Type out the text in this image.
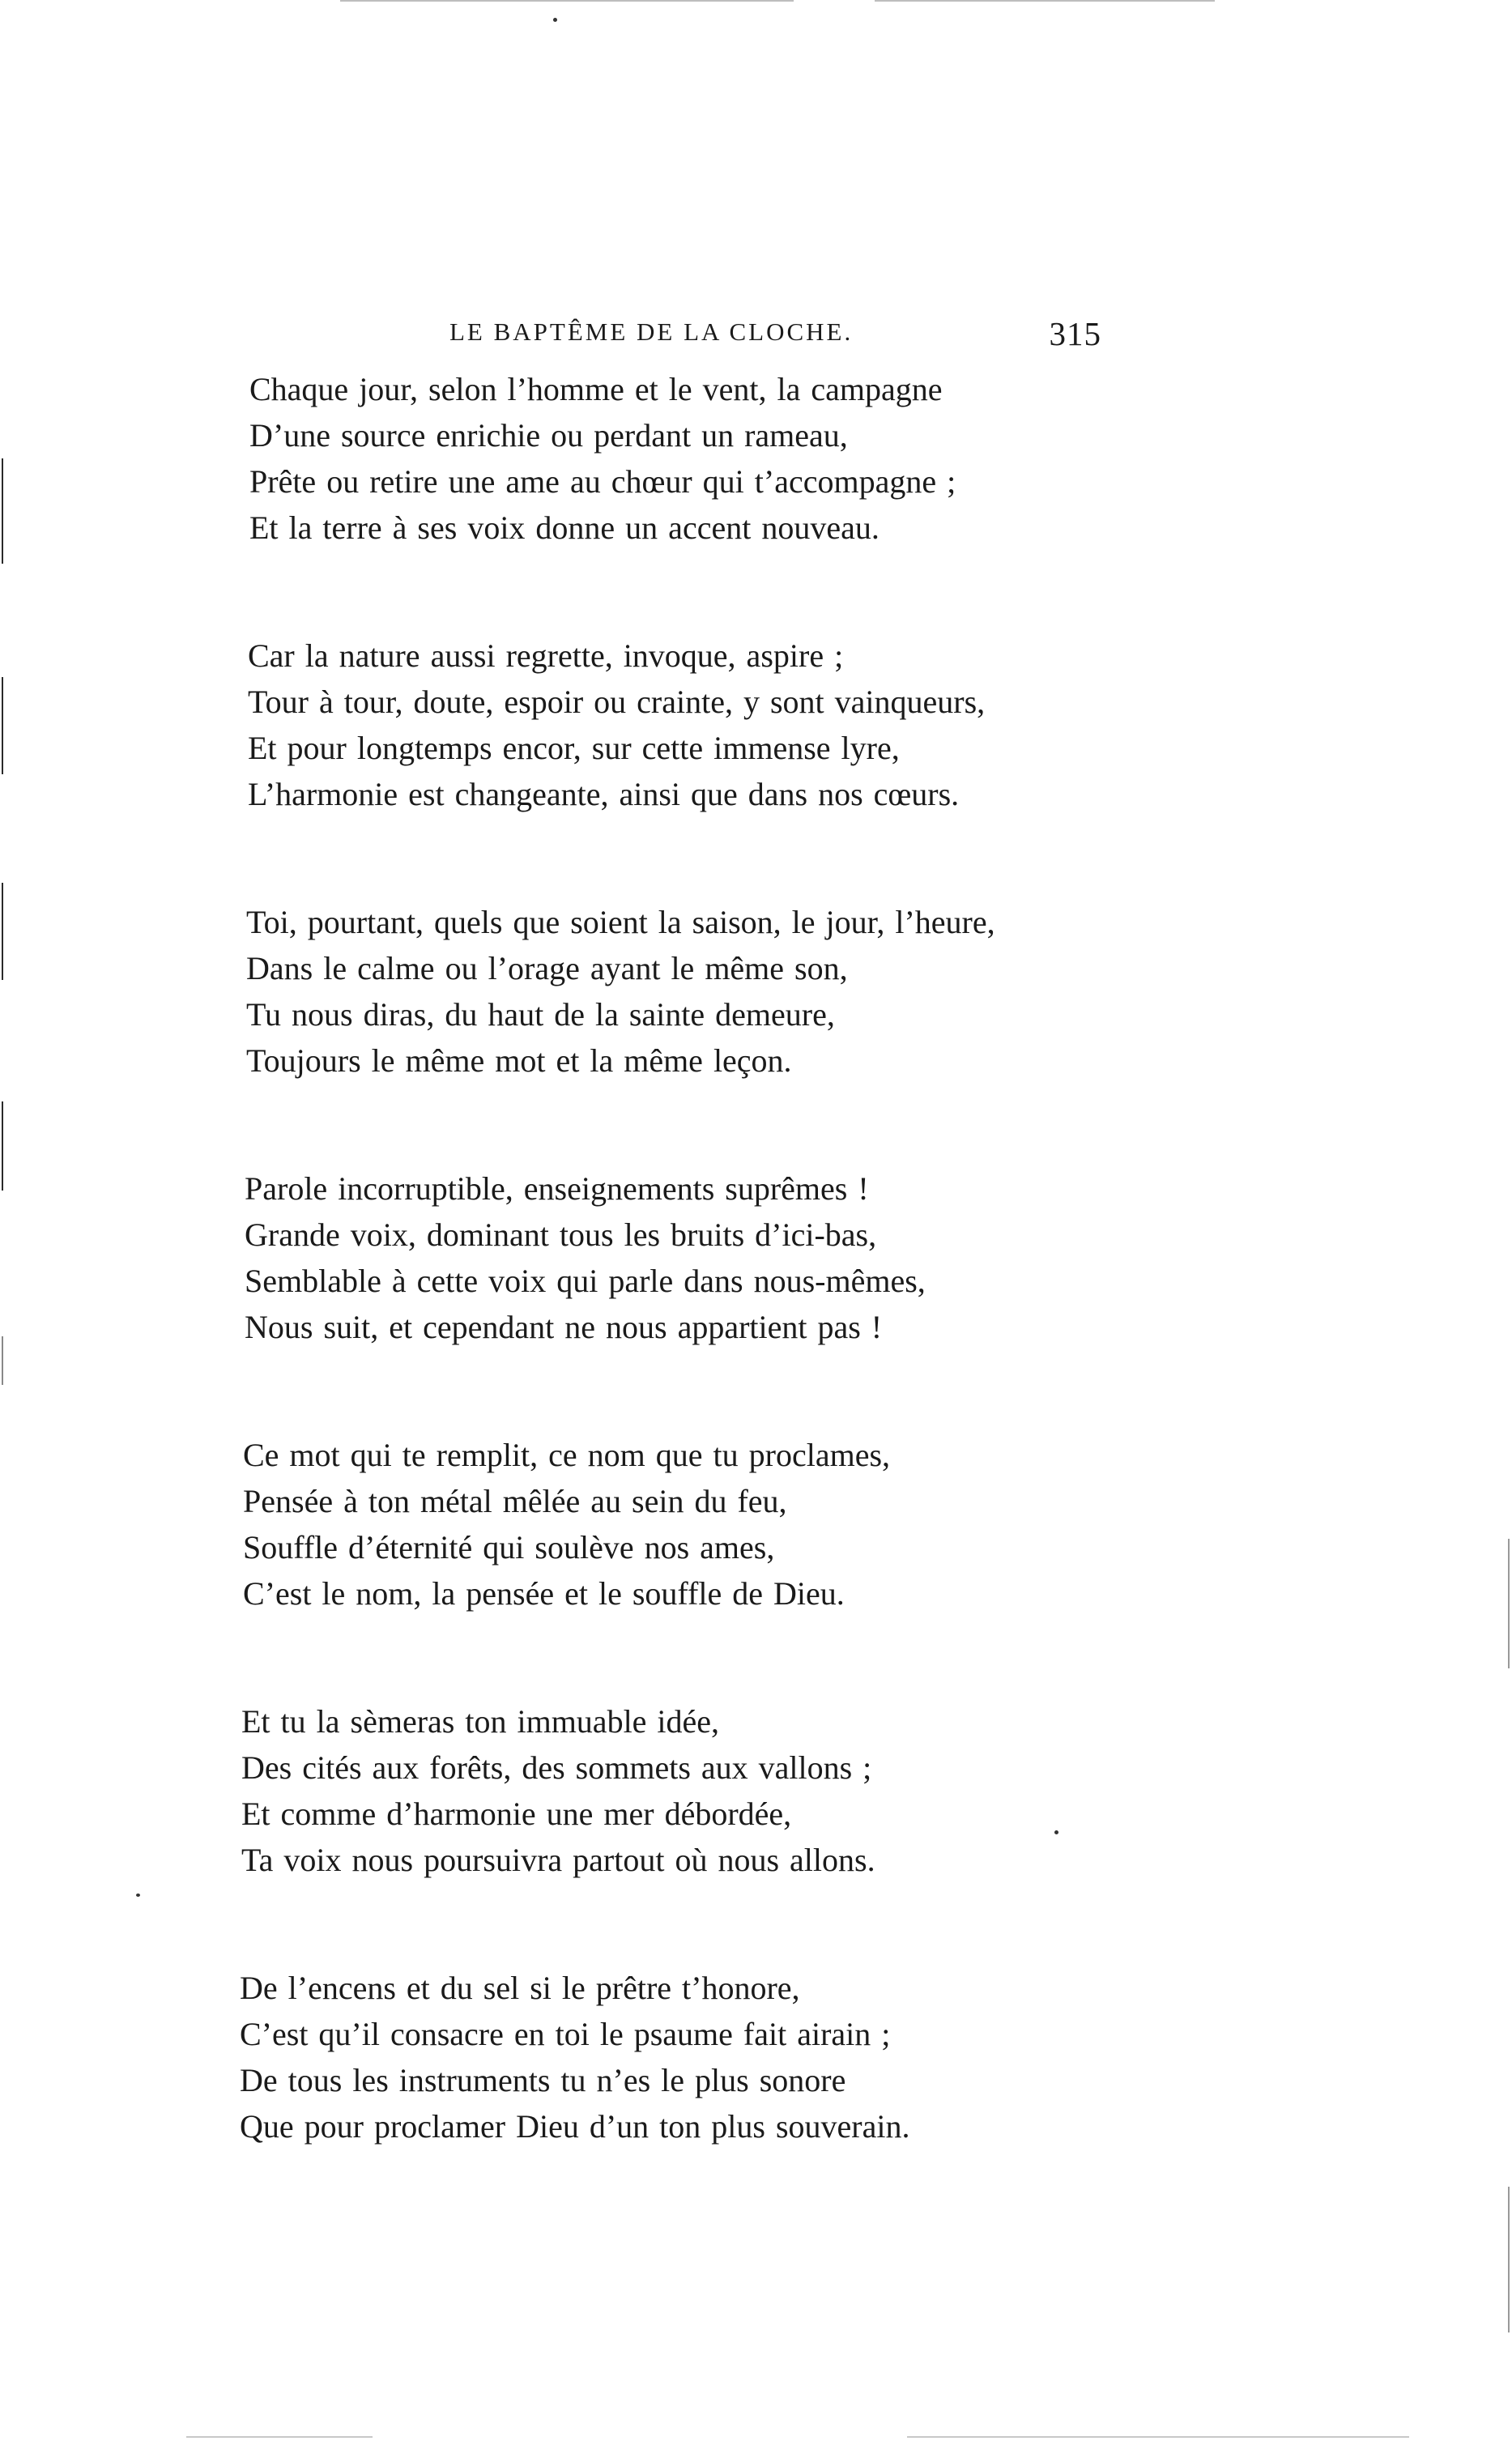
LE BAPTÊME DE LA CLOCHE.	315
Chaque jour, selon l’homme et le vent, la campagne
D’une source enrichie ou perdant un rameau,
Prête ou retire une ame au chœur qui t’accompagne ;
Et la terre à ses voix donne un accent nouveau.
Car la nature aussi regrette, invoque, aspire ;
Tour à tour, doute, espoir ou crainte, y sont vainqueurs,
Et pour longtemps encor, sur cette immense lyre,
L’harmonie est changeante, ainsi que dans nos cœurs.
Toi, pourtant, quels que soient la saison, le jour, l’heure,
Dans le calme ou l’orage ayant le même son,
Tu nous diras, du haut de la sainte demeure,
Toujours le même mot et la même leçon.
Parole incorruptible, enseignements suprêmes !
Grande voix, dominant tous les bruits d’ici-bas,
Semblable à cette voix qui parle dans nous-mêmes,
Nous suit, et cependant ne nous appartient pas !
Ce mot qui te remplit, ce nom que tu proclames,
Pensée à ton métal mêlée au sein du feu,
Souffle d’éternité qui soulève nos ames,
C’est le nom, la pensée et le souffle de Dieu.
Et tu la sèmeras ton immuable idée,
Des cités aux forêts, des sommets aux vallons ;
Et comme d’harmonie une mer débordée,
Ta voix nous poursuivra partout où nous allons.
De l’encens et du sel si le prêtre t’honore,
C’est qu’il consacre en toi le psaume fait airain ;
De tous les instruments tu n’es le plus sonore
Que pour proclamer Dieu d’un ton plus souverain.
